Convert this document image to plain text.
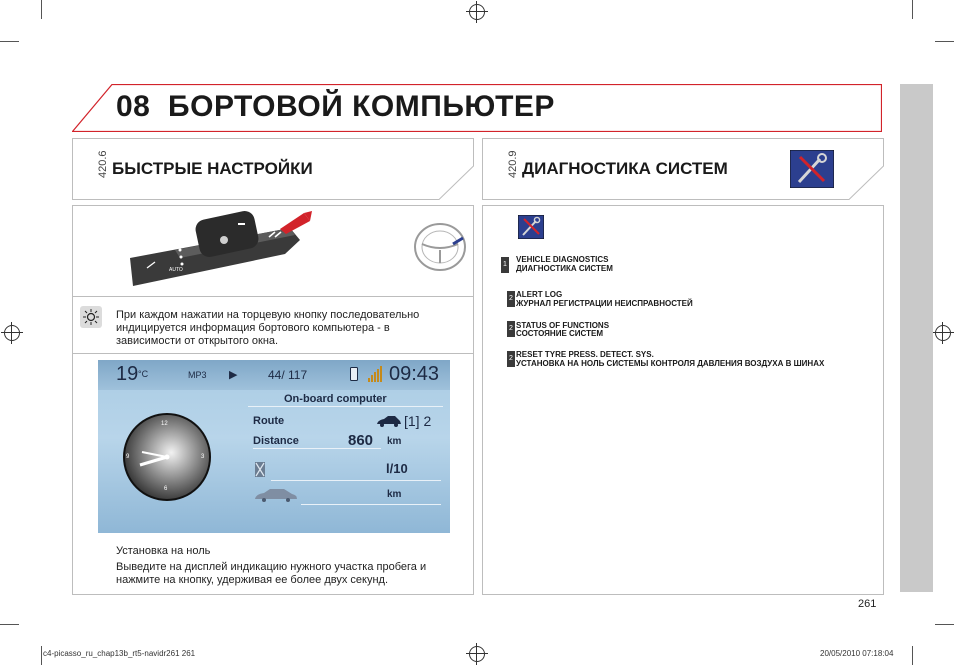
08 БОРТОВОЙ КОМПЬЮТЕР
420.6 БЫСТРЫЕ НАСТРОЙКИ	420.9 ДИАГНОСТИКА СИСТЕМ
AUTO
При каждом нажатии на торцевую кнопку последовательно
индицируется информация бортового компьютера - в
зависимости от открытого окна.
19 °C	MP3 ▶	44/ 117	09:43
On-board computer
Route	[1] 2
Distance	860 km
l/10
km
12
3
6
9
Установка на ноль
Выведите на дисплей индикацию нужного участка пробега и
нажмите на кнопку, удерживая ее более двух секунд.
1
VEHICLE DIAGNOSTICS
ДИАГНОСТИКА СИСТЕМ
2 ALERT LOG
ЖУРНАЛ РЕГИСТРАЦИИ НЕИСПРАВНОСТЕЙ
2 STATUS OF FUNCTIONS
СОСТОЯНИЕ СИСТЕМ
2 RESET TYRE PRESS. DETECT. SYS.
УСТАНОВКА НА НОЛЬ СИСТЕМЫ КОНТРОЛЯ ДАВЛЕНИЯ ВОЗДУХА В ШИНАХ
261
c4-picasso_ru_chap13b_rt5-navidr261 261	20/05/2010 07:18:04
